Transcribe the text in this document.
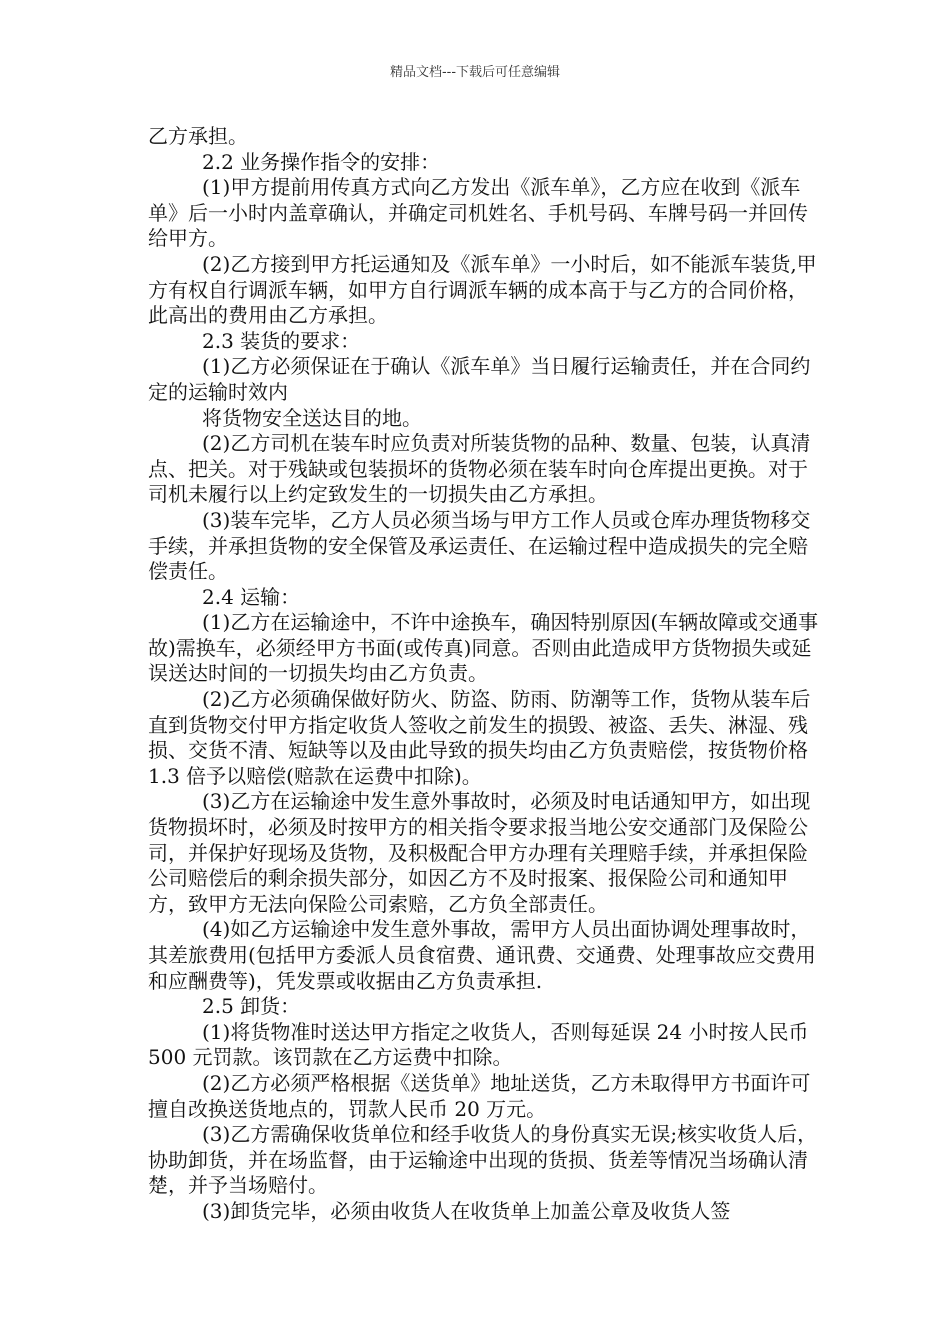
精品文档---下载后可任意编辑

乙方承担。

2.2 业务操作指令的安排：

(1)甲方提前用传真方式向乙方发出《派车单》，乙方应在收到《派车单》后一小时内盖章确认，并确定司机姓名、手机号码、车牌号码一并回传给甲方。

(2)乙方接到甲方托运通知及《派车单》一小时后，如不能派车装货,甲方有权自行调派车辆，如甲方自行调派车辆的成本高于与乙方的合同价格，此高出的费用由乙方承担。

2.3 装货的要求：

(1)乙方必须保证在于确认《派车单》当日履行运输责任，并在合同约定的运输时效内

将货物安全送达目的地。

(2)乙方司机在装车时应负责对所装货物的品种、数量、包装，认真清点、把关。对于残缺或包装损坏的货物必须在装车时向仓库提出更换。对于司机未履行以上约定致发生的一切损失由乙方承担。

(3)装车完毕，乙方人员必须当场与甲方工作人员或仓库办理货物移交手续，并承担货物的安全保管及承运责任、在运输过程中造成损失的完全赔偿责任。

2.4 运输：

(1)乙方在运输途中，不许中途换车，确因特别原因(车辆故障或交通事故)需换车，必须经甲方书面(或传真)同意。否则由此造成甲方货物损失或延误送达时间的一切损失均由乙方负责。

(2)乙方必须确保做好防火、防盗、防雨、防潮等工作，货物从装车后直到货物交付甲方指定收货人签收之前发生的损毁、被盗、丢失、淋湿、残损、交货不清、短缺等以及由此导致的损失均由乙方负责赔偿，按货物价格 1.3 倍予以赔偿(赔款在运费中扣除)。

(3)乙方在运输途中发生意外事故时，必须及时电话通知甲方，如出现货物损坏时，必须及时按甲方的相关指令要求报当地公安交通部门及保险公司，并保护好现场及货物，及积极配合甲方办理有关理赔手续，并承担保险公司赔偿后的剩余损失部分，如因乙方不及时报案、报保险公司和通知甲方，致甲方无法向保险公司索赔，乙方负全部责任。

(4)如乙方运输途中发生意外事故，需甲方人员出面协调处理事故时，其差旅费用(包括甲方委派人员食宿费、通讯费、交通费、处理事故应交费用和应酬费等)，凭发票或收据由乙方负责承担.

2.5 卸货：

(1)将货物准时送达甲方指定之收货人，否则每延误 24 小时按人民币 500 元罚款。该罚款在乙方运费中扣除。

(2)乙方必须严格根据《送货单》地址送货，乙方未取得甲方书面许可擅自改换送货地点的，罚款人民币 20 万元。

(3)乙方需确保收货单位和经手收货人的身份真实无误;核实收货人后，协助卸货，并在场监督，由于运输途中出现的货损、货差等情况当场确认清楚，并予当场赔付。

(3)卸货完毕，必须由收货人在收货单上加盖公章及收货人签
